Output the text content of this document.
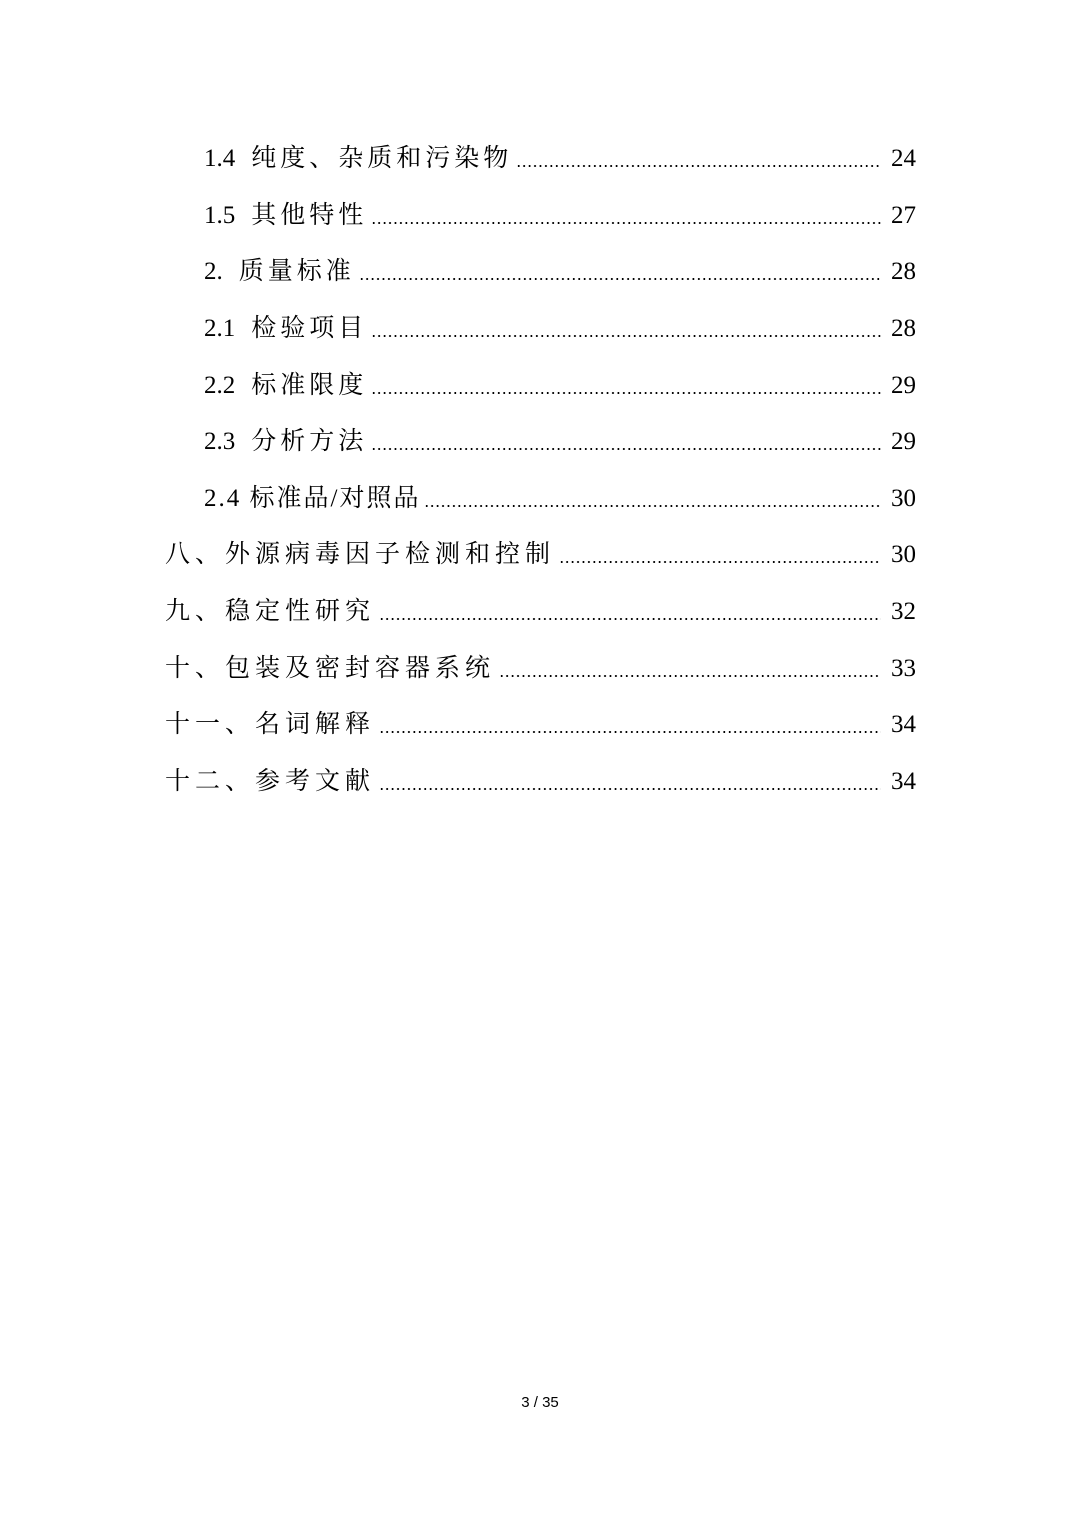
1.4 纯度、杂质和污染物	24
1.5 其他特性	27
2. 质量标准	28
2.1 检验项目	28
2.2 标准限度	29
2.3 分析方法	29
2.4 标准品/对照品	30
八、外源病毒因子检测和控制	30
九、稳定性研究	32
十、包装及密封容器系统	33
十一、名词解释	34
十二、参考文献	34
3 / 35
